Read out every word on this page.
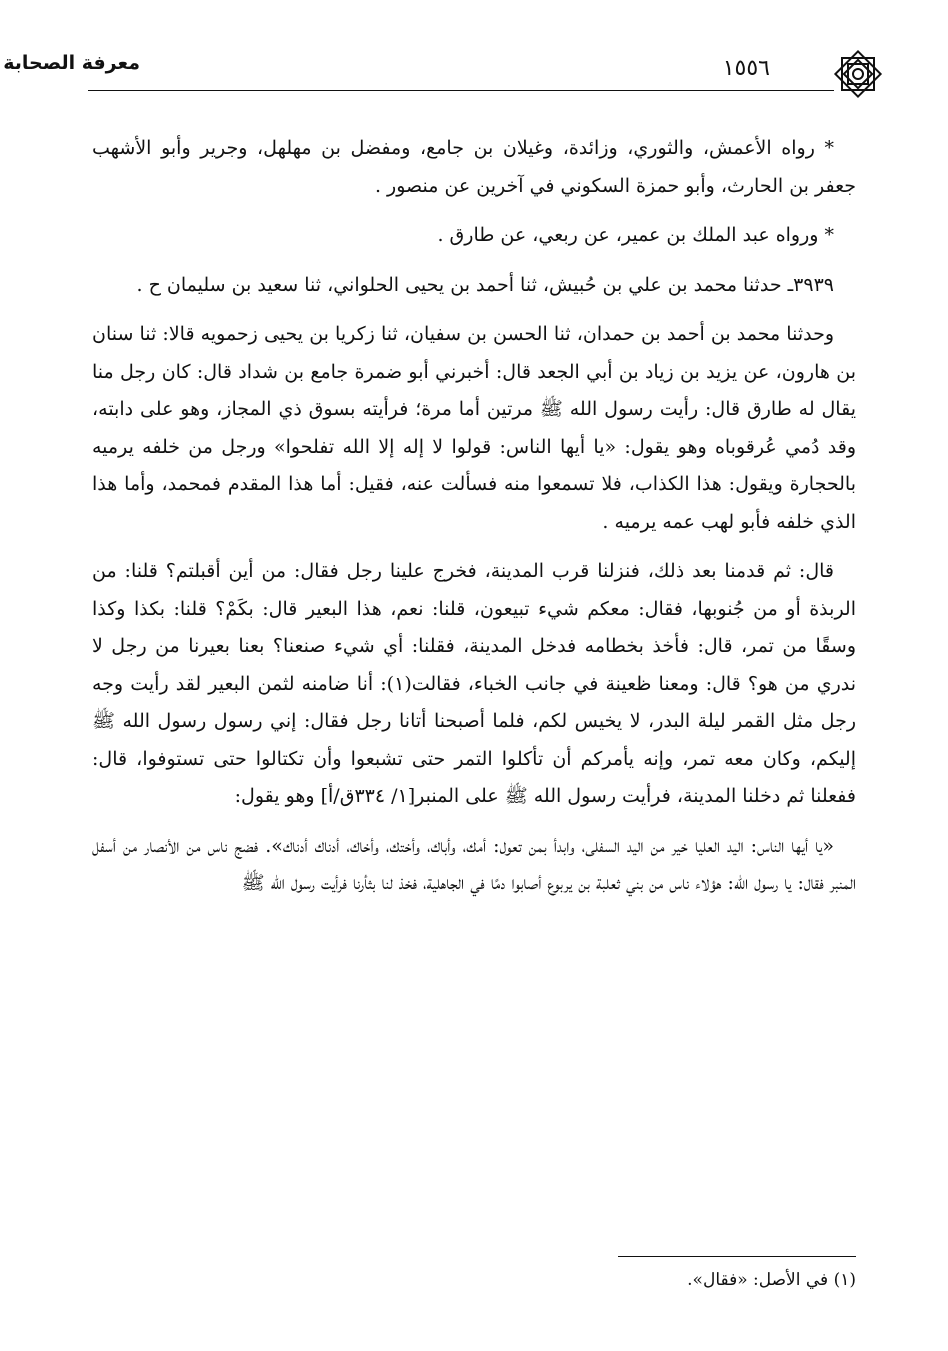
معرفة الصحابة	١٥٥٦

* رواه الأعمش، والثوري، وزائدة، وغيلان بن جامع، ومفضل بن مهلهل، وجرير وأبو الأشهب جعفر بن الحارث، وأبو حمزة السكوني في آخرين عن منصور .

* ورواه عبد الملك بن عمير، عن ربعي، عن طارق .

٣٩٣٩ـ حدثنا محمد بن علي بن حُبيش، ثنا أحمد بن يحيى الحلواني، ثنا سعيد بن سليمان ح .

وحدثنا محمد بن أحمد بن حمدان، ثنا الحسن بن سفيان، ثنا زكريا بن يحيى زحمويه قالا: ثنا سنان بن هارون، عن يزيد بن زياد بن أبي الجعد قال: أخبرني أبو ضمرة جامع بن شداد قال: كان رجل منا يقال له طارق قال: رأيت رسول الله ﷺ مرتين أما مرة؛ فرأيته بسوق ذي المجاز، وهو على دابته، وقد دُمي عُرقوباه وهو يقول: «يا أيها الناس: قولوا لا إله إلا الله تفلحوا» ورجل من خلفه يرميه بالحجارة ويقول: هذا الكذاب، فلا تسمعوا منه فسألت عنه، فقيل: أما هذا المقدم فمحمد، وأما هذا الذي خلفه فأبو لهب عمه يرميه .

قال: ثم قدمنا بعد ذلك، فنزلنا قرب المدينة، فخرج علينا رجل فقال: من أين أقبلتم؟ قلنا: من الربذة أو من جُنوبها، فقال: معكم شيء تبيعون، قلنا: نعم، هذا البعير قال: بكَمْ؟ قلنا: بكذا وكذا وسقًا من تمر، قال: فأخذ بخطامه فدخل المدينة، فقلنا: أي شيء صنعنا؟ بعنا بعيرنا من رجل لا ندري من هو؟ قال: ومعنا ظعينة في جانب الخباء، فقالت(١): أنا ضامنه لثمن البعير لقد رأيت وجه رجل مثل القمر ليلة البدر، لا يخيس لكم، فلما أصبحنا أتانا رجل فقال: إني رسول رسول الله ﷺ إليكم، وكان معه تمر، وإنه يأمركم أن تأكلوا التمر حتى تشبعوا وأن تكتالوا حتى تستوفوا، قال: ففعلنا ثم دخلنا المدينة، فرأيت رسول الله ﷺ على المنبر[١/ ٣٣٤ق/أ] وهو يقول:

«يا أيها الناس: اليد العليا خير من اليد السفلى، وابدأ بمن تعول: أمك، وأباك، وأختك، وأخاك، أدناك أدناك». فضج ناس من الأنصار من أسفل المنبر فقال: يا رسول الله: هؤلاء ناس من بني ثعلبة بن يربوع أصابوا دمًا في الجاهلية، فخذ لنا بثأرنا فرأيت رسول الله ﷺ

(١) في الأصل: «فقال».
